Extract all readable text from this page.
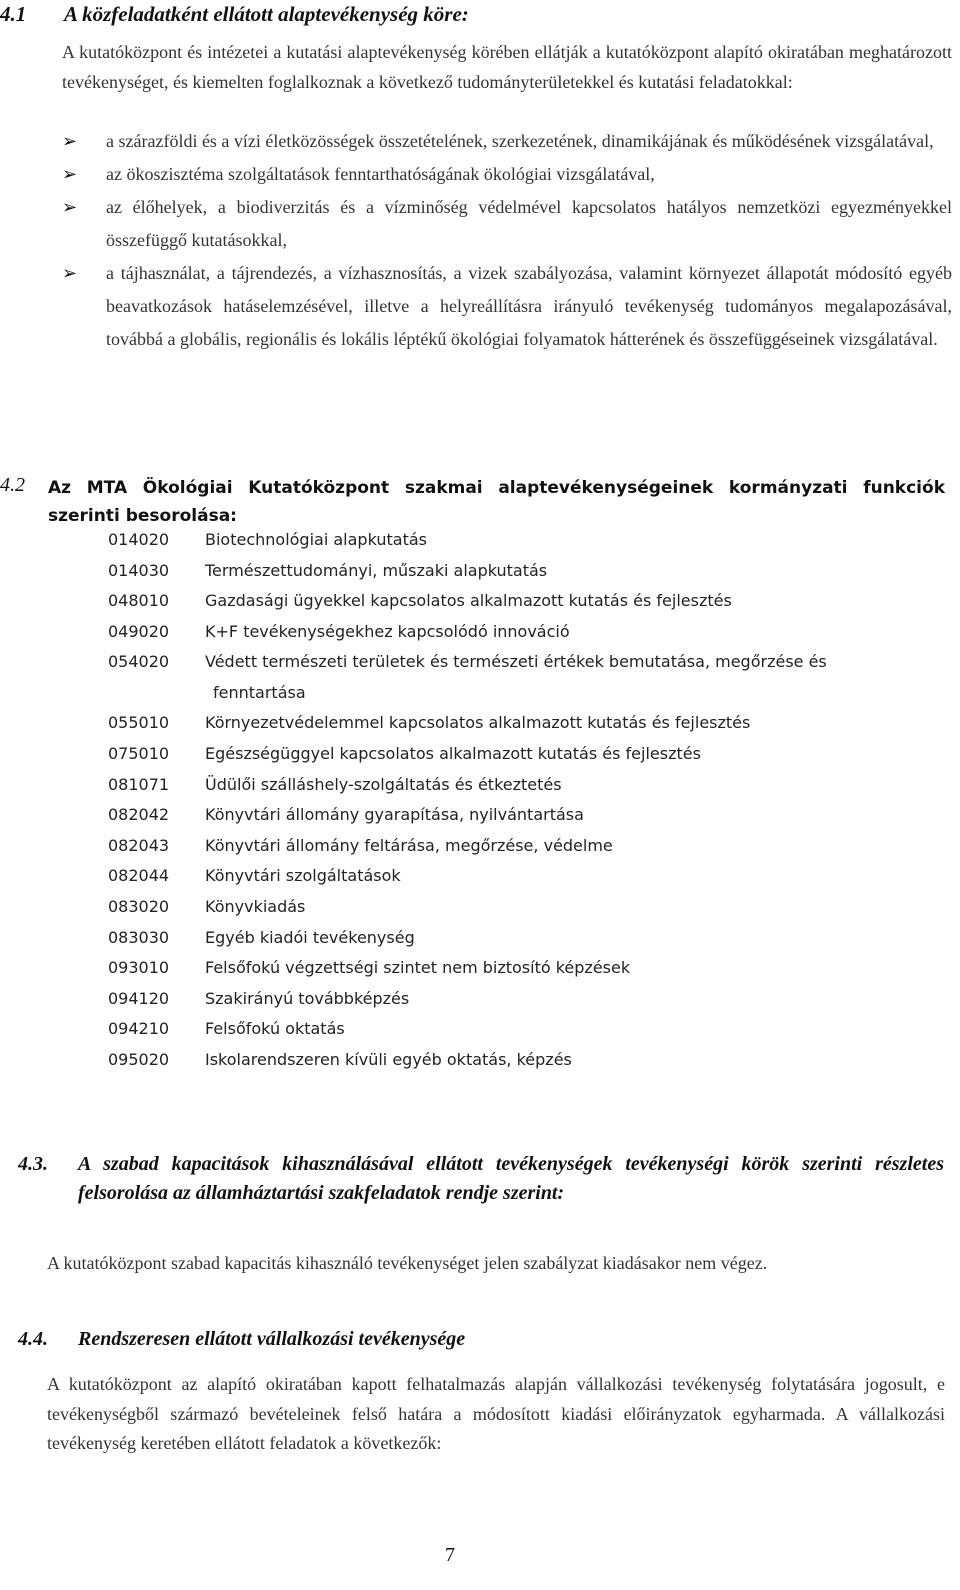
4.1 A közfeladatként ellátott alaptevékenység köre:
A kutatóközpont és intézetei a kutatási alaptevékenység körében ellátják a kutatóközpont alapító okiratában meghatározott tevékenységet, és kiemelten foglalkoznak a következő tudományterületekkel és kutatási feladatokkal:
➢ a szárazföldi és a vízi életközösségek összetételének, szerkezetének, dinamikájának és működésének vizsgálatával,
➢ az ökoszisztéma szolgáltatások fenntarthatóságának ökológiai vizsgálatával,
➢ az élőhelyek, a biodiverzitás és a vízminőség védelmével kapcsolatos hatályos nemzetközi egyezményekkel összefüggő kutatásokkal,
➢ a tájhasználat, a tájrendezés, a vízhasznosítás, a vizek szabályozása, valamint környezet állapotát módosító egyéb beavatkozások hatáselemzésével, illetve a helyreállításra irányuló tevékenység tudományos megalapozásával, továbbá a globális, regionális és lokális léptékű ökológiai folyamatok hátterének és összefüggéseinek vizsgálatával.
4.2 Az MTA Ökológiai Kutatóközpont szakmai alaptevékenységeinek kormányzati funkciók
szerinti besorolása:
014020	Biotechnológiai alapkutatás
014030	Természettudományi, műszaki alapkutatás
048010	Gazdasági ügyekkel kapcsolatos alkalmazott kutatás és fejlesztés
049020	K+F tevékenységekhez kapcsolódó innováció
054020	Védett természeti területek és természeti értékek bemutatása, megőrzése és
fenntartása
055010	Környezetvédelemmel kapcsolatos alkalmazott kutatás és fejlesztés
075010	Egészségüggyel kapcsolatos alkalmazott kutatás és fejlesztés
081071	Üdülői szálláshely-szolgáltatás és étkeztetés
082042	Könyvtári állomány gyarapítása, nyilvántartása
082043	Könyvtári állomány feltárása, megőrzése, védelme
082044	Könyvtári szolgáltatások
083020	Könyvkiadás
083030	Egyéb kiadói tevékenység
093010	Felsőfokú végzettségi szintet nem biztosító képzések
094120	Szakirányú továbbképzés
094210	Felsőfokú oktatás
095020	Iskolarendszeren kívüli egyéb oktatás, képzés
4.3. A szabad kapacitások kihasználásával ellátott tevékenységek tevékenységi körök szerinti részletes felsorolása az államháztartási szakfeladatok rendje szerint:
A kutatóközpont szabad kapacitás kihasználó tevékenységet jelen szabályzat kiadásakor nem végez.
4.4. Rendszeresen ellátott vállalkozási tevékenysége
A kutatóközpont az alapító okiratában kapott felhatalmazás alapján vállalkozási tevékenység folytatására jogosult, e tevékenységből származó bevételeinek felső határa a módosított kiadási előirányzatok egyharmada. A vállalkozási tevékenység keretében ellátott feladatok a következők:
7
